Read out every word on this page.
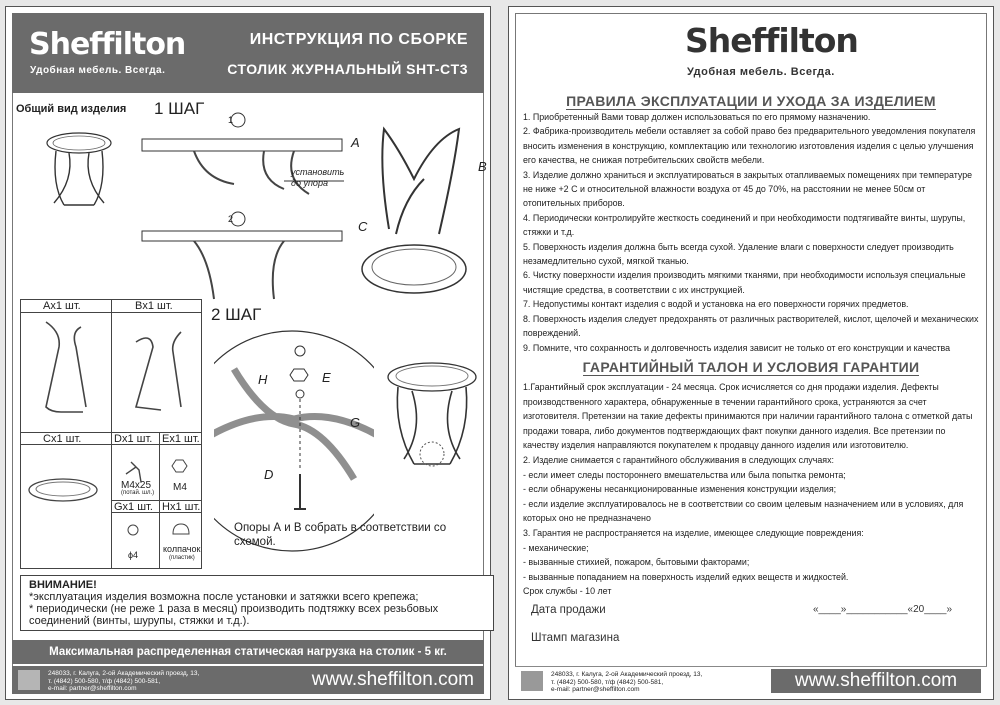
Sheffilton
Удобная мебель. Всегда.
ИНСТРУКЦИЯ ПО СБОРКЕ
СТОЛИК ЖУРНАЛЬНЫЙ SHT-CT3
Общий вид изделия 1 ШАГ
2 ШАГ
установить
до упора
1
2
A
B
C
Ax1 шт.	Bx1 шт.
Cx1 шт.	Dx1 шт. Ex1 шт.
Gx1 шт. Hx1 шт.
M4x25
(потай. шл.) M4
ϕ4
колпачок
(пластик)
H	E
G
D
Опоры А и В собрать в соответствии со схемой.
ВНИМАНИЕ!
*эксплуатация изделия возможна после установки и затяжки всего крепежа;
* периодически (не реже 1 раза в месяц) производить подтяжку всех резьбовых соединений (винты, шурупы, стяжки и т.д.).
Максимальная распределенная статическая нагрузка на столик - 5 кг.
248033, г. Калуга, 2-ой Академический проезд, 13,
т. (4842) 500-580, т/ф (4842) 500-581,
e-mail: partner@sheffilton.com	www.sheffilton.com
Sheffilton
Удобная мебель. Всегда.
ПРАВИЛА ЭКСПЛУАТАЦИИ И УХОДА ЗА ИЗДЕЛИЕМ

1. Приобретенный Вами товар должен использоваться по его прямому назначению.

2. Фабрика-производитель мебели оставляет за собой право без предварительного уведомления покупателя вносить изменения в конструкцию, комплектацию или технологию изготовления изделия с целью улучшения его качества, не снижая потребительских свойств мебели.

3. Изделие должно храниться и эксплуатироваться в закрытых отапливаемых помещениях при температуре не ниже +2 С и относительной влажности воздуха от 45 до 70%, на расстоянии не менее 50см от отопительных приборов.

4. Периодически контролируйте жесткость соединений и при необходимости подтягивайте винты, шурупы, стяжки и т.д.

5. Поверхность изделия должна быть всегда сухой. Удаление влаги с поверхности следует производить незамедлительно сухой, мягкой тканью.

6. Чистку поверхности изделия производить мягкими тканями, при необходимости используя специальные чистящие средства, в соответствии с их инструкцией.

7. Недопустимы контакт изделия с водой и установка на его поверхности горячих предметов.

8. Поверхность изделия следует предохранять от различных растворителей, кислот, щелочей и механических повреждений.

9. Помните, что сохранность и долговечность изделия зависит не только от его конструкции и качества

ГАРАНТИЙНЫЙ ТАЛОН И УСЛОВИЯ ГАРАНТИИ

1.Гарантийный срок эксплуатации - 24 месяца. Срок исчисляется со дня продажи изделия. Дефекты производственного характера, обнаруженные в течении гарантийного срока, устраняются за счет изготовителя. Претензии на такие дефекты принимаются при наличии гарантийного талона с отметкой даты продажи товара, либо документов подтверждающих факт покупки данного изделия. Все претензии по качеству изделия направляются покупателем к продавцу данного изделия или изготовителю.

2. Изделие снимается с гарантийного обслуживания в следующих случаях:

- если имеет следы постороннего вмешательства или была попытка ремонта;

- если обнаружены несанкционированные изменения конструкции изделия;

- если изделие эксплуатировалось не в соответствии со своим целевым назначением или в условиях, для которых оно не предназначено

3. Гарантия не распространяется на изделие, имеющее следующие повреждения:

- механические;

- вызванные стихией, пожаром, бытовыми факторами;

- вызванные попаданием на поверхность изделий едких веществ и жидкостей.

Срок службы - 10 лет

Дата продажи	«____»___________«20____»
Штамп магазина
248033, г. Калуга, 2-ой Академический проезд, 13,
т. (4842) 500-580, т/ф (4842) 500-581,
e-mail: partner@sheffilton.com	www.sheffilton.com
